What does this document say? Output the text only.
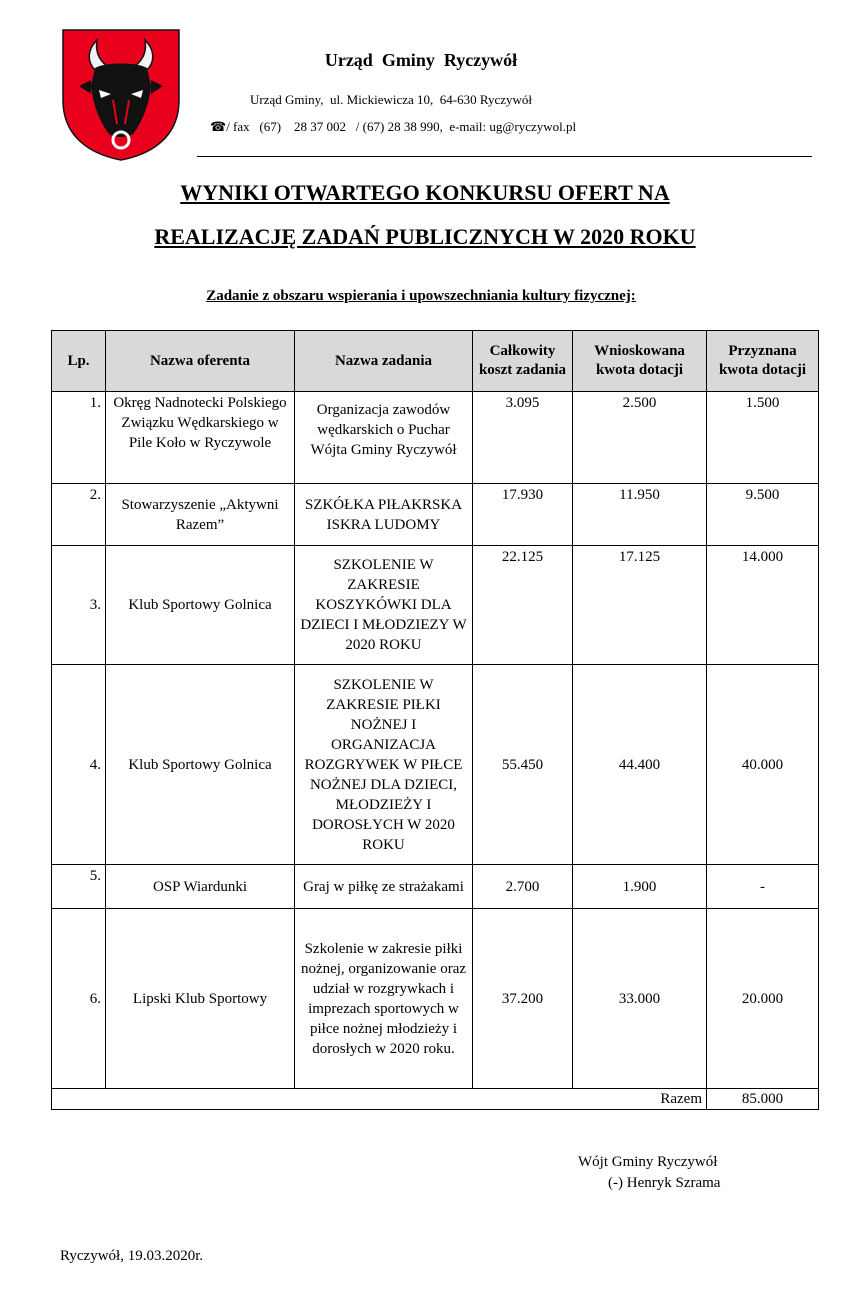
Urząd  Gminy  Ryczywół
Urząd Gminy,  ul. Mickiewicza 10,  64-630 Ryczywół
☎/ fax   (67)    28 37 002   / (67) 28 38 990,  e-mail: ug@ryczywol.pl
WYNIKI OTWARTEGO KONKURSU OFERT NA
REALIZACJĘ ZADAŃ PUBLICZNYCH W 2020 ROKU
Zadanie z obszaru wspierania i upowszechniania kultury fizycznej:
Lp.	Nazwa oferenta	Nazwa zadania	Całkowity koszt zadania	Wnioskowana kwota dotacji	Przyznana kwota dotacji
1.	Okręg Nadnotecki Polskiego Związku Wędkarskiego w Pile Koło w Ryczywole	Organizacja zawodów wędkarskich o Puchar Wójta Gminy Ryczywół	3.095	2.500	1.500
2.	Stowarzyszenie „Aktywni Razem”	SZKÓŁKA PIŁAKRSKA ISKRA LUDOMY	17.930	11.950	9.500
3.	Klub Sportowy Golnica	SZKOLENIE W ZAKRESIE KOSZYKÓWKI DLA DZIECI I MŁODZIEZY W 2020 ROKU	22.125	17.125	14.000
4.	Klub Sportowy Golnica	SZKOLENIE W ZAKRESIE PIŁKI NOŻNEJ I ORGANIZACJA ROZGRYWEK W PIŁCE NOŻNEJ DLA DZIECI, MŁODZIEŻY I DOROSŁYCH W 2020 ROKU	55.450	44.400	40.000
5.	OSP Wiardunki	Graj w piłkę ze strażakami	2.700	1.900	-
6.	Lipski Klub Sportowy	Szkolenie w zakresie piłki nożnej, organizowanie oraz udział w rozgrywkach i imprezach sportowych w piłce nożnej młodzieży i dorosłych w 2020 roku.	37.200	33.000	20.000
Razem					85.000
Wójt Gminy Ryczywół
(-) Henryk Szrama
Ryczywół, 19.03.2020r.
